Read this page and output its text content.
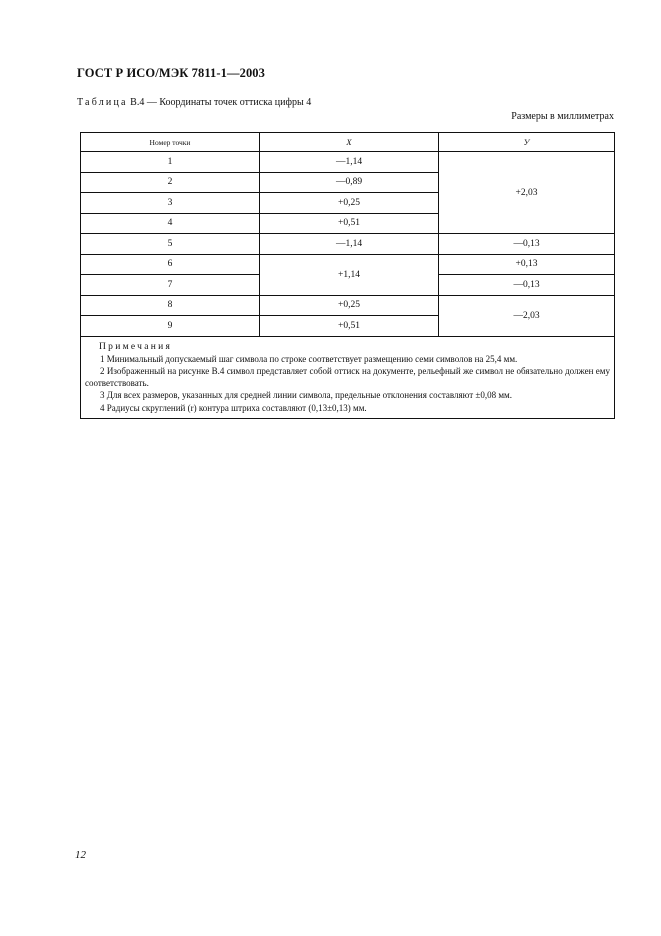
ГОСТ Р ИСО/МЭК 7811-1—2003
Таблица В.4 — Координаты точек оттиска цифры 4
Размеры в миллиметрах
Номер точки	X	У
1	—1,14	+2,03
2	—0,89	
3	+0,25	
4	+0,51	
5	—1,14	—0,13
6	+1,14	+0,13
7		—0,13
8	+0,25	—2,03
9	+0,51	

Примечания
1 Минимальный допускаемый шаг символа по строке соответствует размещению семи символов на 25,4 мм.
2 Изображенный на рисунке В.4 символ представляет собой оттиск на документе, рельефный же символ не обязательно должен ему соответствовать.
3 Для всех размеров, указанных для средней линии символа, предельные отклонения составляют ±0,08 мм.
4 Радиусы скруглений (r) контура штриха составляют (0,13±0,13) мм.		
12
